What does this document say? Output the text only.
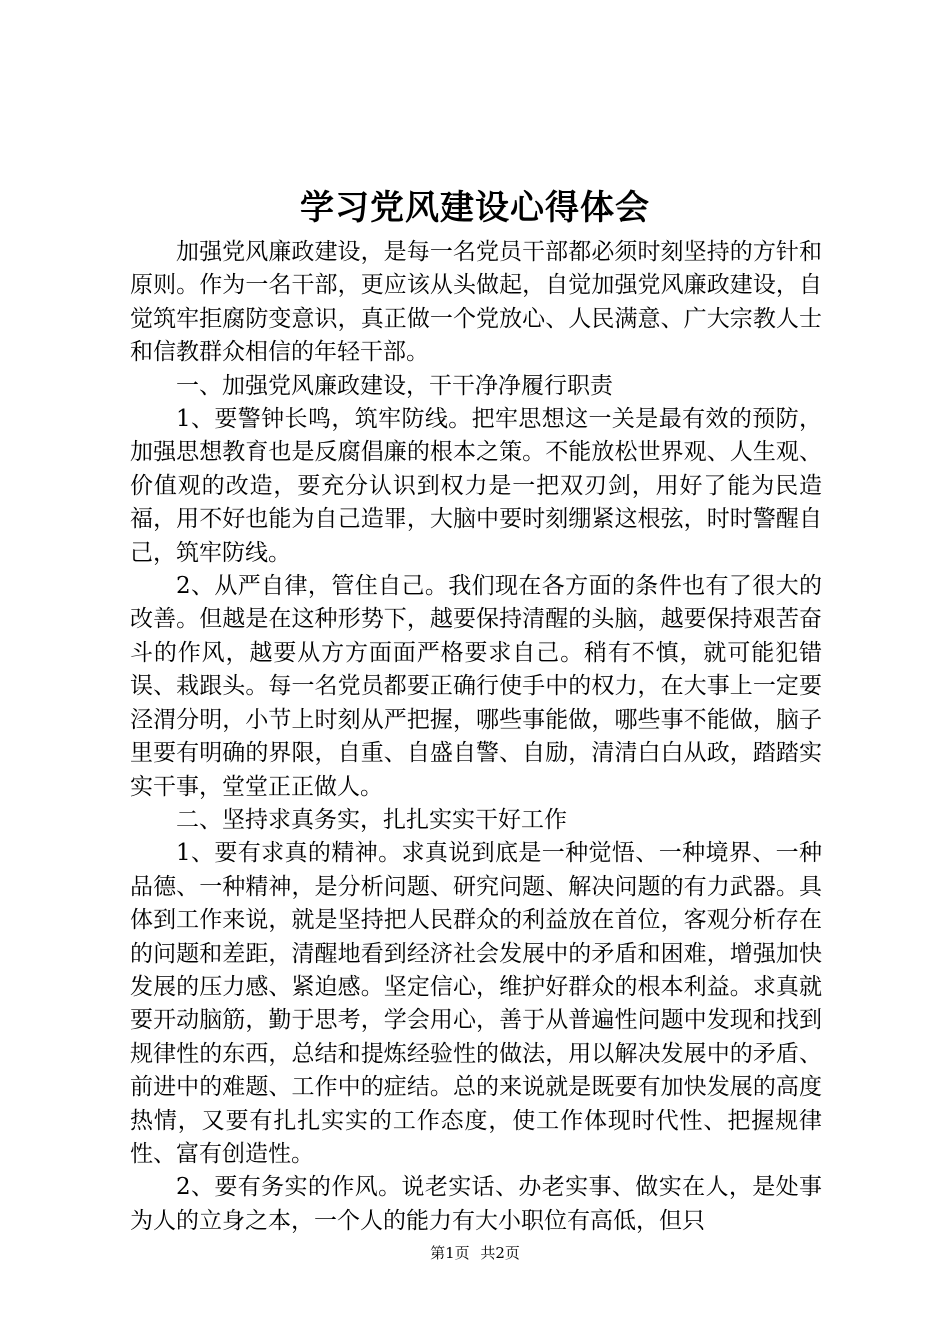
学习党风建设心得体会

加强党风廉政建设，是每一名党员干部都必须时刻坚持的方针和原则。作为一名干部，更应该从头做起，自觉加强党风廉政建设，自觉筑牢拒腐防变意识，真正做一个党放心、人民满意、广大宗教人士和信教群众相信的年轻干部。

一、加强党风廉政建设，干干净净履行职责

1、要警钟长鸣，筑牢防线。把牢思想这一关是最有效的预防，加强思想教育也是反腐倡廉的根本之策。不能放松世界观、人生观、价值观的改造，要充分认识到权力是一把双刃剑，用好了能为民造福，用不好也能为自己造罪，大脑中要时刻绷紧这根弦，时时警醒自己，筑牢防线。

2、从严自律，管住自己。我们现在各方面的条件也有了很大的改善。但越是在这种形势下，越要保持清醒的头脑，越要保持艰苦奋斗的作风，越要从方方面面严格要求自己。稍有不慎，就可能犯错误、栽跟头。每一名党员都要正确行使手中的权力，在大事上一定要泾渭分明，小节上时刻从严把握，哪些事能做，哪些事不能做，脑子里要有明确的界限，自重、自盛自警、自励，清清白白从政，踏踏实实干事，堂堂正正做人。

二、坚持求真务实，扎扎实实干好工作

1、要有求真的精神。求真说到底是一种觉悟、一种境界、一种品德、一种精神，是分析问题、研究问题、解决问题的有力武器。具体到工作来说，就是坚持把人民群众的利益放在首位，客观分析存在的问题和差距，清醒地看到经济社会发展中的矛盾和困难，增强加快发展的压力感、紧迫感。坚定信心，维护好群众的根本利益。求真就要开动脑筋，勤于思考，学会用心，善于从普遍性问题中发现和找到规律性的东西，总结和提炼经验性的做法，用以解决发展中的矛盾、前进中的难题、工作中的症结。总的来说就是既要有加快发展的高度热情，又要有扎扎实实的工作态度，使工作体现时代性、把握规律性、富有创造性。

2、要有务实的作风。说老实话、办老实事、做实在人，是处事为人的立身之本，一个人的能力有大小职位有高低，但只

第1页 共2页
